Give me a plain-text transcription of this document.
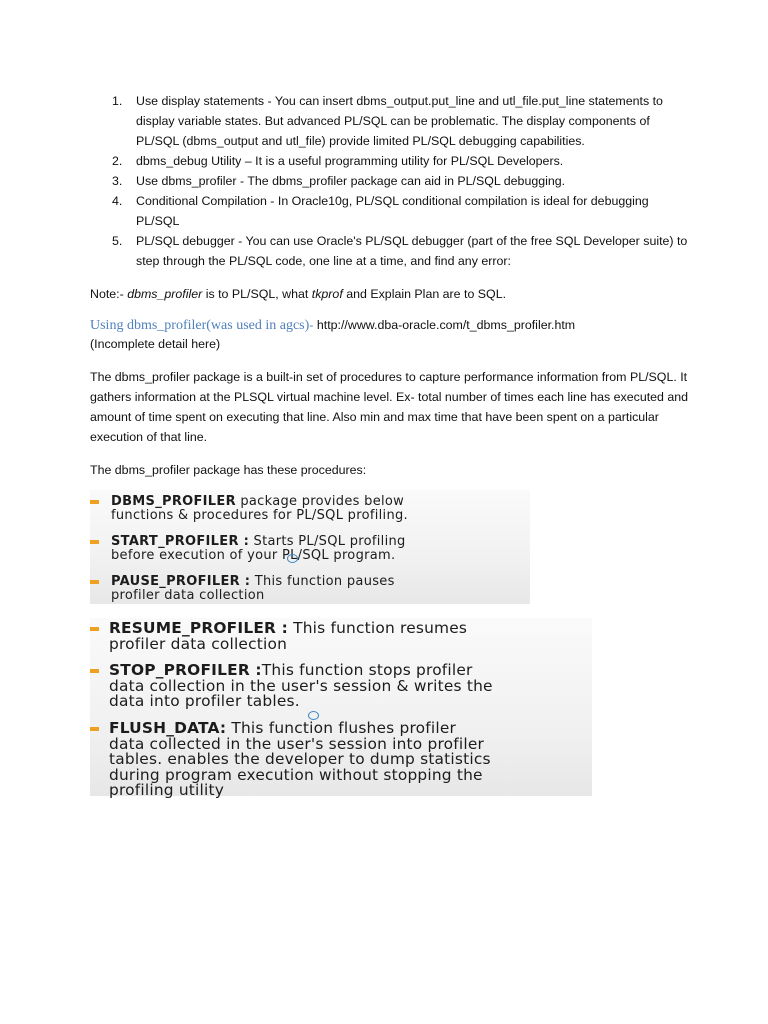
1. Use display statements - You can insert dbms_output.put_line and utl_file.put_line statements to display variable states. But advanced PL/SQL can be problematic. The display components of PL/SQL (dbms_output and utl_file) provide limited PL/SQL debugging capabilities.
2. dbms_debug Utility – It is a useful programming utility for PL/SQL Developers.
3. Use dbms_profiler - The dbms_profiler package can aid in PL/SQL debugging.
4. Conditional Compilation - In Oracle10g, PL/SQL conditional compilation is ideal for debugging PL/SQL
5. PL/SQL debugger - You can use Oracle's PL/SQL debugger (part of the free SQL Developer suite) to step through the PL/SQL code, one line at a time, and find any error:
Note:- dbms_profiler is to PL/SQL, what tkprof and Explain Plan are to SQL.
Using dbms_profiler(was used in agcs)- http://www.dba-oracle.com/t_dbms_profiler.htm
(Incomplete detail here)
The dbms_profiler package is a built-in set of procedures to capture performance information from PL/SQL. It gathers information at the PLSQL virtual machine level. Ex- total number of times each line has executed and amount of time spent on executing that line. Also min and max time that have been spent on a particular execution of that line.
The dbms_profiler package has these procedures:
DBMS_PROFILER package provides below
functions & procedures for PL/SQL profiling.
START_PROFILER : Starts PL/SQL profiling
before execution of your PL/SQL program.
PAUSE_PROFILER : This function pauses
profiler data collection
RESUME_PROFILER : This function resumes
profiler data collection
STOP_PROFILER :This function stops profiler
data collection in the user's session & writes the
data into profiler tables.
FLUSH_DATA: This function flushes profiler
data collected in the user's session into profiler
tables. enables the developer to dump statistics
during program execution without stopping the
profiling utility
